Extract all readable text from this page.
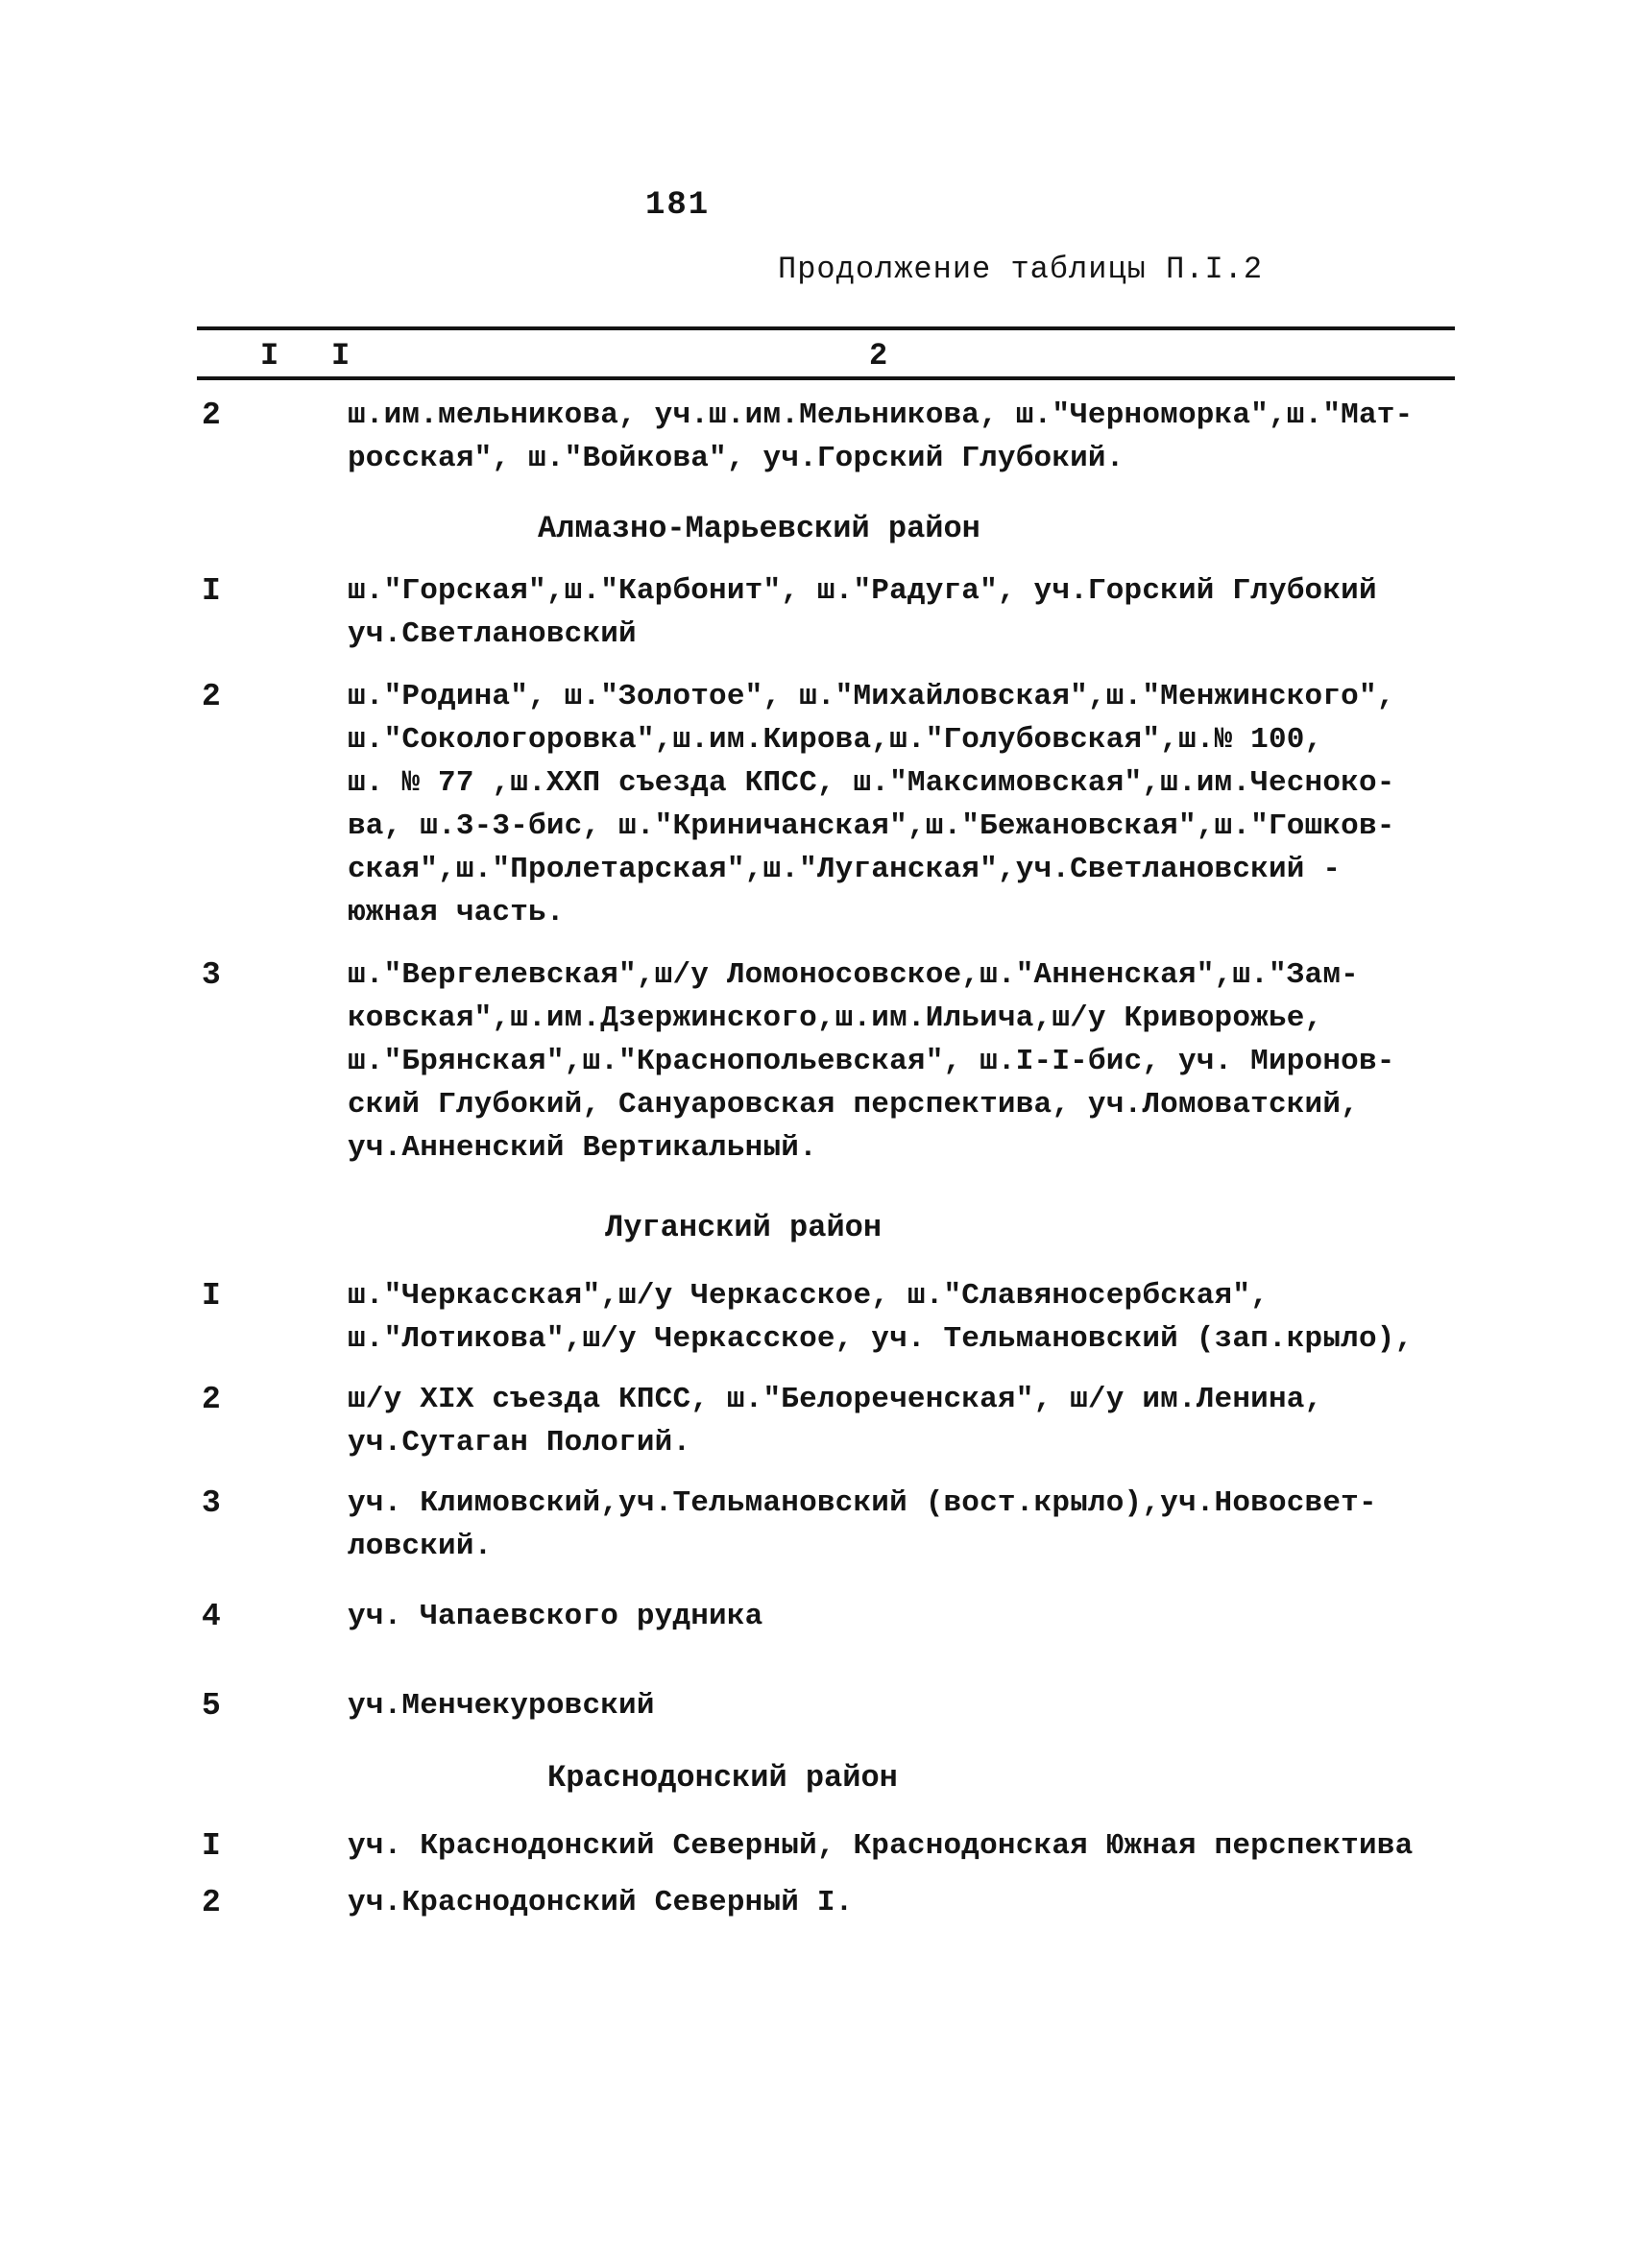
181
Продолжение таблицы П.I.2
I I	2
2	ш.им.мельникова, уч.ш.им.Мельникова, ш."Черноморка",ш."Мат-
росская", ш."Войкова", уч.Горский Глубокий.
Алмазно-Марьевский район
I	ш."Горская",ш."Карбонит", ш."Радуга", уч.Горский Глубокий
уч.Светлановский
2	ш."Родина", ш."Золотое", ш."Михайловская",ш."Менжинского",
ш."Сокологоровка",ш.им.Кирова,ш."Голубовская",ш.№ 100,
ш. № 77 ,ш.XXП съезда КПСС, ш."Максимовская",ш.им.Чесноко-
ва, ш.3-3-бис, ш."Криничанская",ш."Бежановская",ш."Гошков-
ская",ш."Пролетарская",ш."Луганская",уч.Светлановский -
южная часть.
3	ш."Вергелевская",ш/у Ломоносовское,ш."Анненская",ш."Зам-
ковская",ш.им.Дзержинского,ш.им.Ильича,ш/у Криворожье,
ш."Брянская",ш."Краснопольевская", ш.I-I-бис, уч. Миронов-
ский Глубокий, Сануаровская перспектива, уч.Ломоватский,
уч.Анненский Вертикальный.
Луганский район
I	ш."Черкасская",ш/у Черкасское, ш."Славяносербская",
ш."Лотикова",ш/у Черкасское, уч. Тельмановский (зап.крыло),
2	ш/у XIX съезда КПСС, ш."Белореченская", ш/у им.Ленина,
уч.Сутаган Пологий.
3	уч. Климовский,уч.Тельмановский (вост.крыло),уч.Новосвет-
ловский.
4	уч. Чапаевского рудника
5	уч.Менчекуровский
Краснодонский район
I	уч. Краснодонский Северный, Краснодонская Южная перспектива
2	уч.Краснодонский Северный I.
